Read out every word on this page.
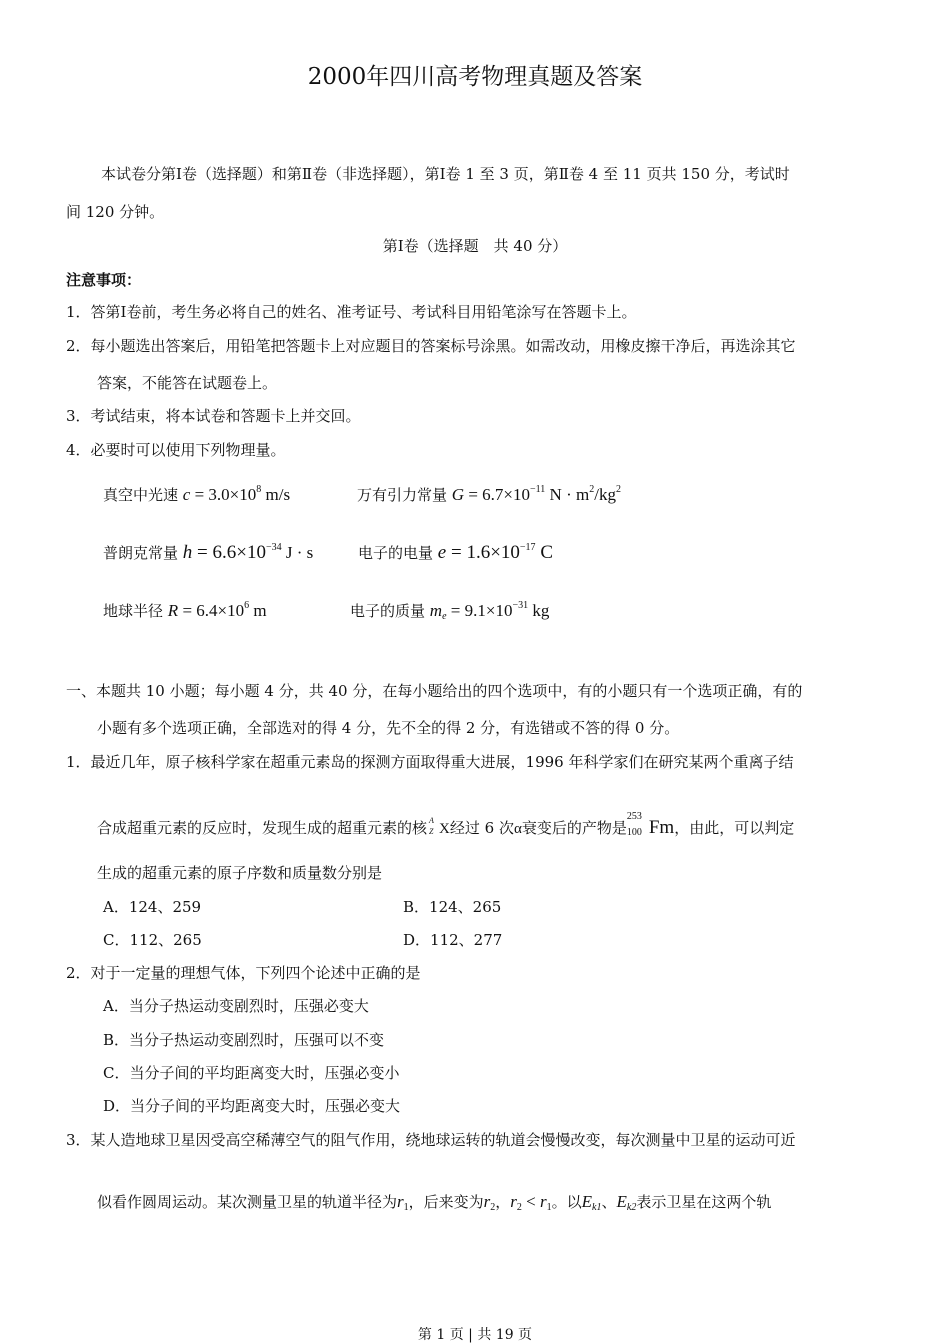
2000年四川高考物理真题及答案
本试卷分第Ⅰ卷（选择题）和第Ⅱ卷（非选择题），第Ⅰ卷 1 至 3 页，第Ⅱ卷 4 至 11 页共 150 分，考试时
间 120 分钟。
第Ⅰ卷（选择题　共 40 分）
注意事项：
1．答第Ⅰ卷前，考生务必将自己的姓名、准考证号、考试科目用铅笔涂写在答题卡上。
2．每小题选出答案后，用铅笔把答题卡上对应题目的答案标号涂黑。如需改动，用橡皮擦干净后，再选涂其它
答案，不能答在试题卷上。
3．考试结束，将本试卷和答题卡上并交回。
4．必要时可以使用下列物理量。
真空中光速 $c = 3.0\times 10^8$ m/s	万有引力常量 $G = 6.7\times 10^{-11}$ $N \cdot m^2/kg^2$
普朗克常量 $h = 6.6\times 10^{-34}$ J · s	电子的电量 $e = 1.6\times 10^{-17}$ C
地球半径 $R = 6.4\times 10^6$ m	电子的质量 $m_e = 9.1\times 10^{-31}$ kg
一、本题共 10 小题；每小题 4 分，共 40 分，在每小题给出的四个选项中，有的小题只有一个选项正确，有的
小题有多个选项正确，全部选对的得 4 分，先不全的得 2 分，有选错或不答的得 0 分。
1．最近几年，原子核科学家在超重元素岛的探测方面取得重大进展，1996 年科学家们在研究某两个重离子结
合成超重元素的反应时，发现生成的超重元素的核 A
Z X经过 6 次α衰变后的产物是
253
100 Fm，由此，可以判定
生成的超重元素的原子序数和质量数分别是
A．124、259	B．124、265
C．112、265	D．112、277
2．对于一定量的理想气体，下列四个论述中正确的是
A．当分子热运动变剧烈时，压强必变大
B．当分子热运动变剧烈时，压强可以不变
C．当分子间的平均距离变大时，压强必变小
D．当分子间的平均距离变大时，压强必变大
3．某人造地球卫星因受高空稀薄空气的阻气作用，绕地球运转的轨道会慢慢改变，每次测量中卫星的运动可近
似看作圆周运动。某次测量卫星的轨道半径为$r_1$，后来变为$r_2$，$r_2 < r_1$。以$E_{k1}$、$E_{k2}$表示卫星在这两个轨
第 1 页 | 共 19 页
